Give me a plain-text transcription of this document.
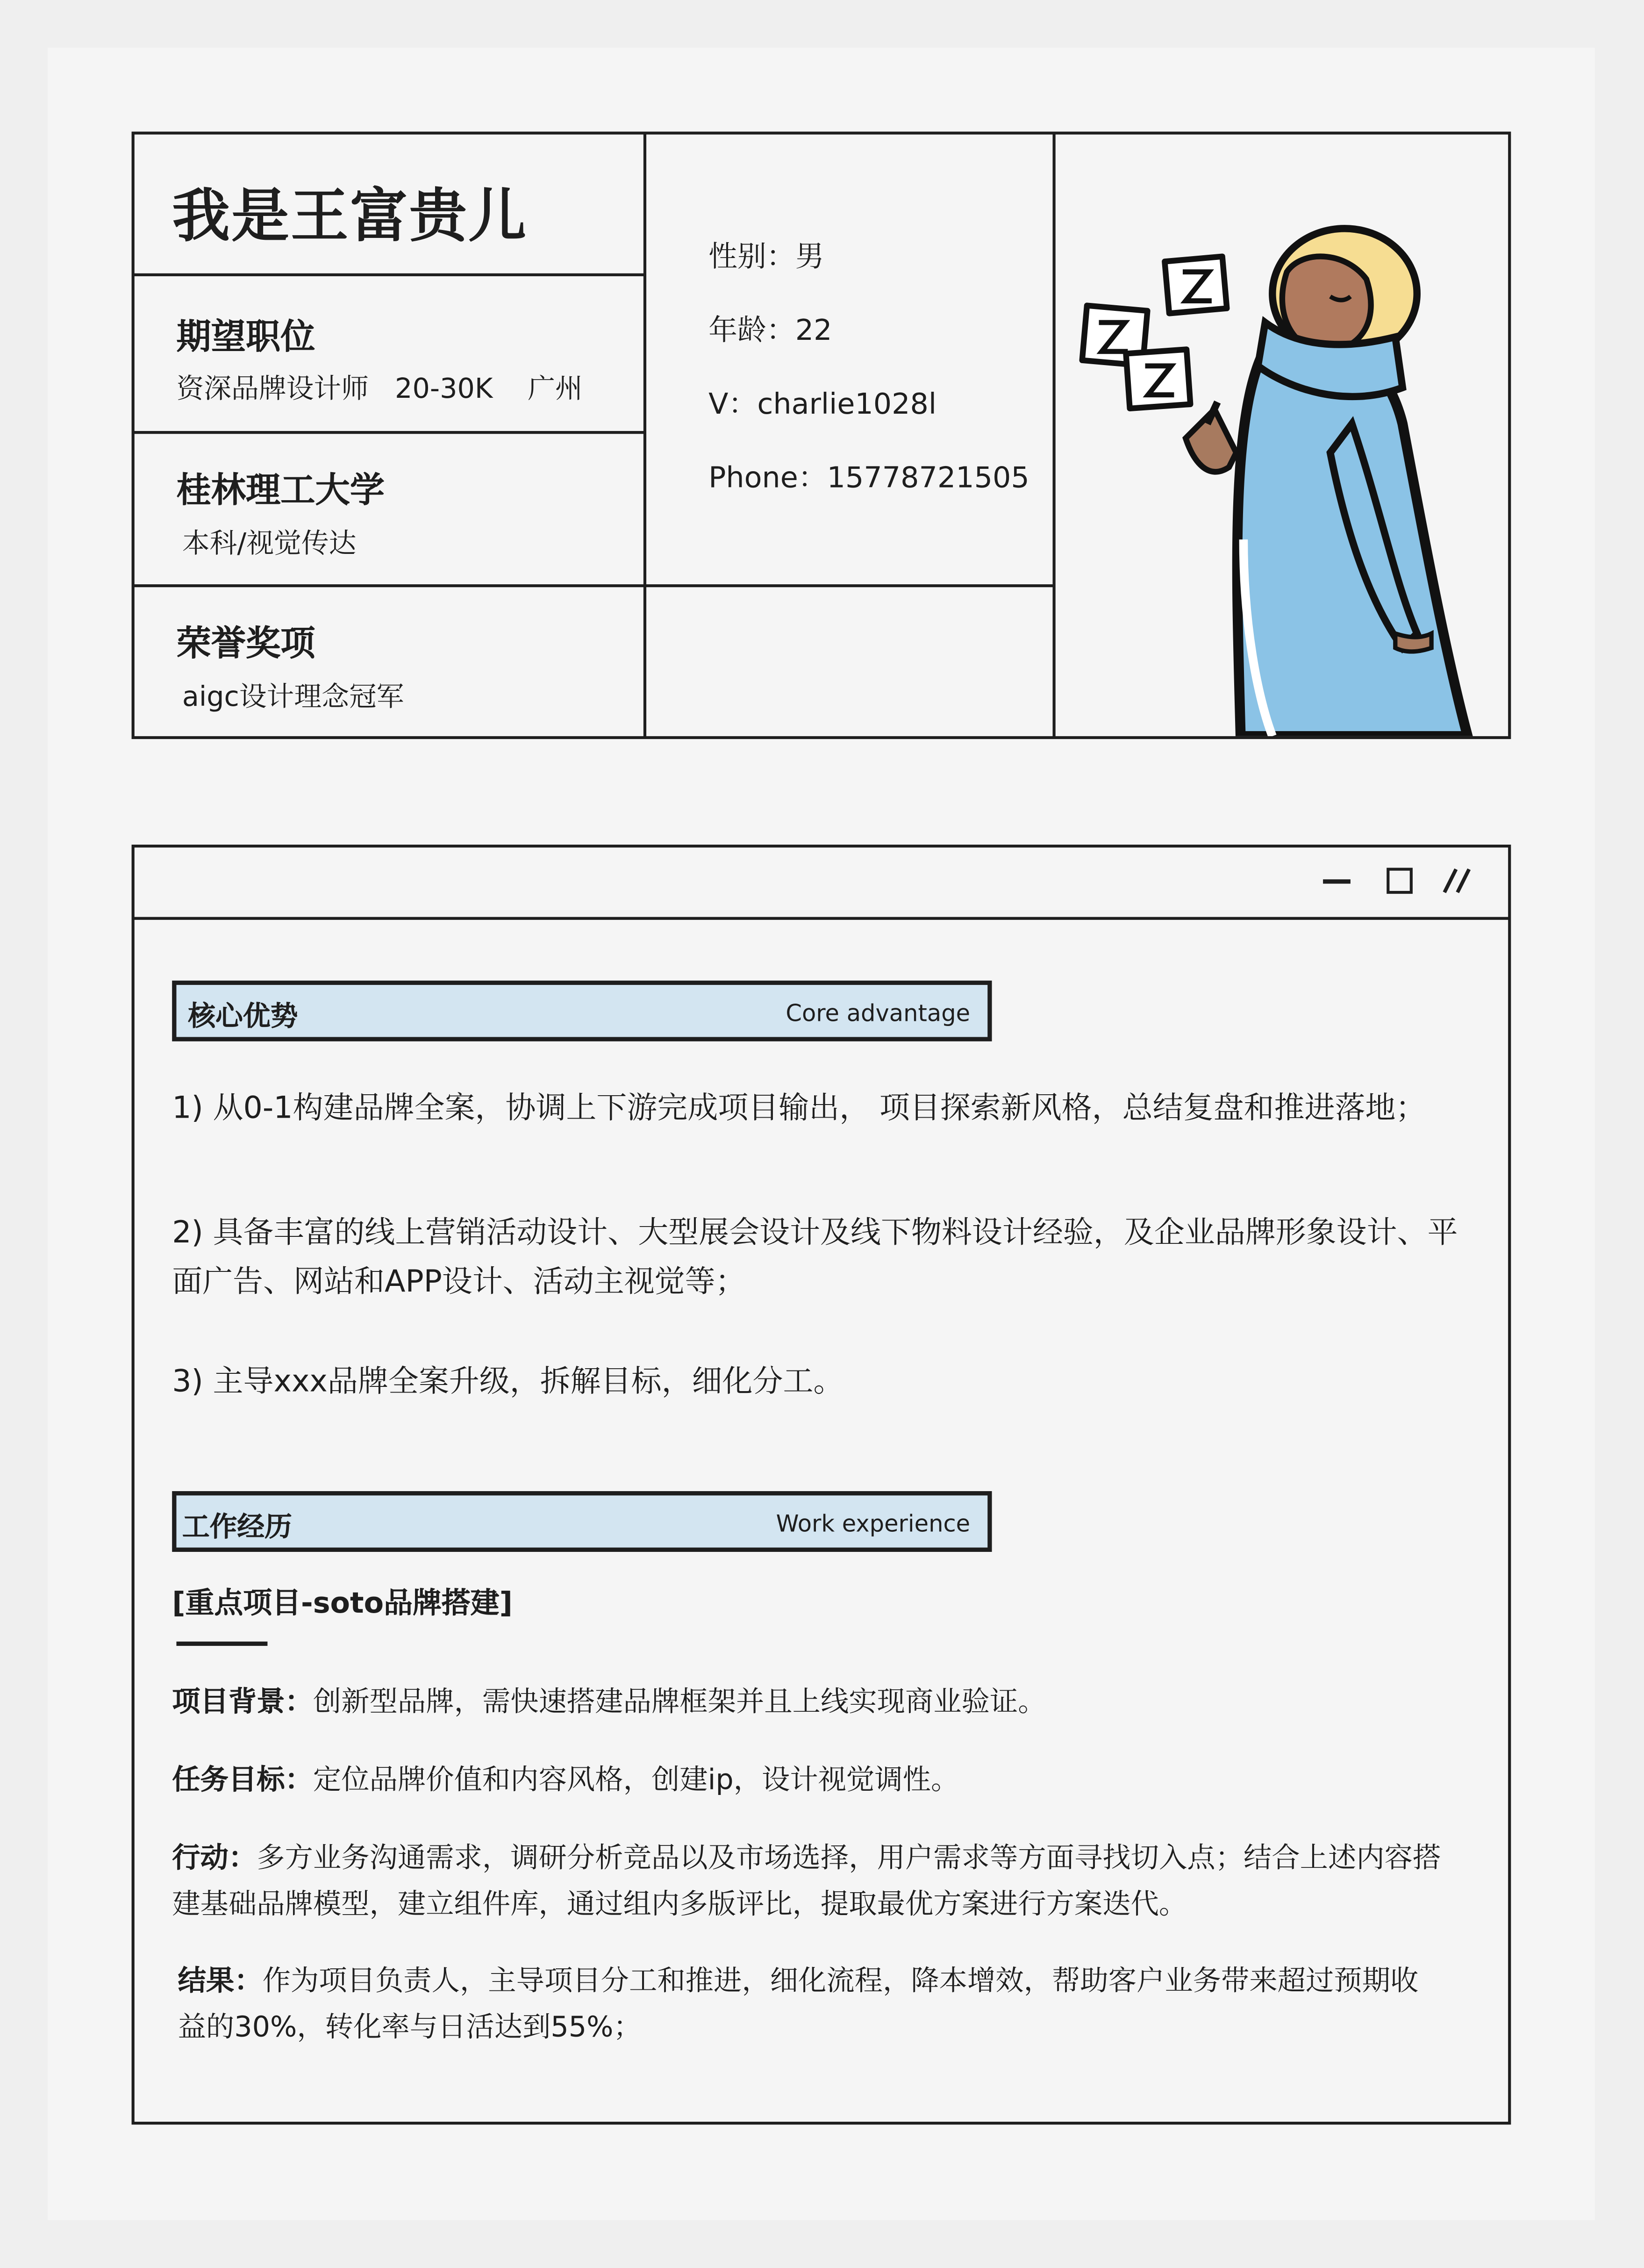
我是王富贵儿
期望职位
资深品牌设计师   20-30K    广州
桂林理工大学
本科/视觉传达
荣誉奖项
aigc设计理念冠军
性别：男
年龄：22
V：charlie1028l
Phone：15778721505
核心优势	Core advantage
1) 从0-1构建品牌全案，协调上下游完成项目输出， 项目探索新风格，总结复盘和推进落地；
2) 具备丰富的线上营销活动设计、大型展会设计及线下物料设计经验，及企业品牌形象设计、平面广告、网站和APP设计、活动主视觉等；
3) 主导xxx品牌全案升级，拆解目标，细化分工。
工作经历	Work experience
[重点项目-soto品牌搭建]
项目背景：创新型品牌，需快速搭建品牌框架并且上线实现商业验证。
任务目标：定位品牌价值和内容风格，创建ip，设计视觉调性。
行动：多方业务沟通需求，调研分析竞品以及市场选择，用户需求等方面寻找切入点；结合上述内容搭建基础品牌模型，建立组件库，通过组内多版评比，提取最优方案进行方案迭代。
结果：作为项目负责人，主导项目分工和推进，细化流程，降本增效，帮助客户业务带来超过预期收            益的30%，转化率与日活达到55%；
